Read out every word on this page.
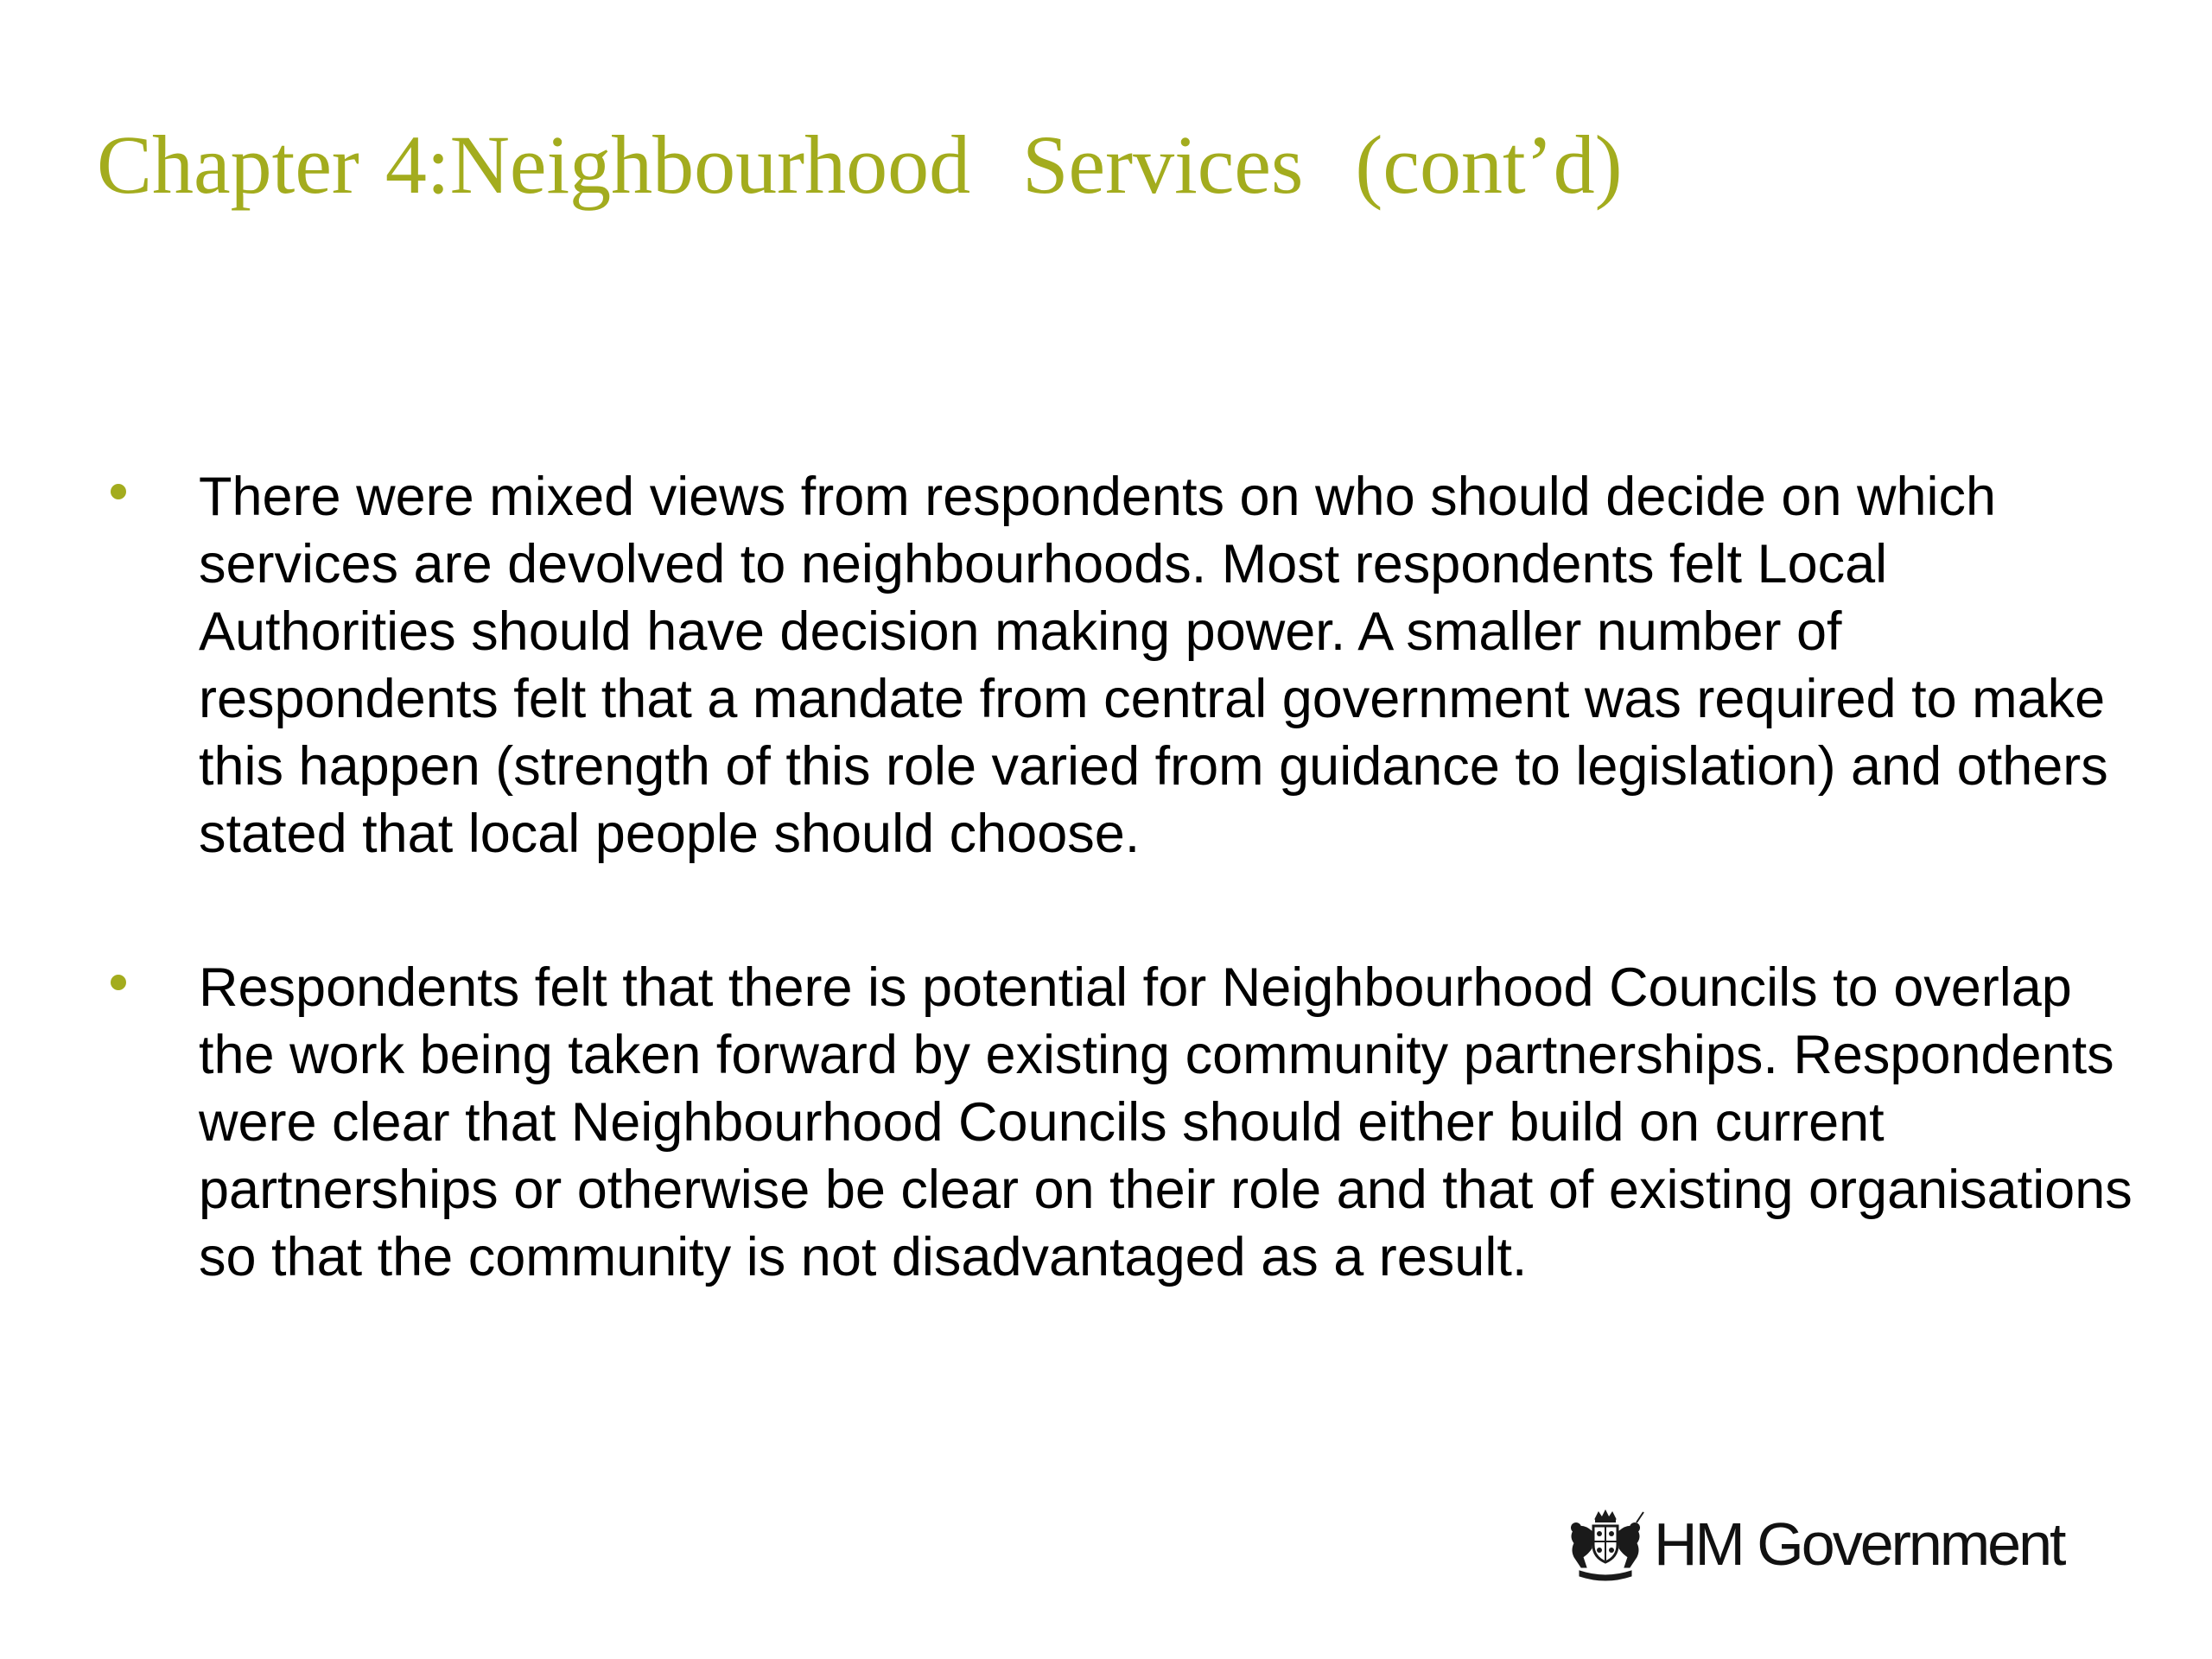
Chapter 4:Neighbourhood  Services  (cont’d)
There were mixed views from respondents on who should decide on which services are devolved to neighbourhoods. Most respondents felt Local Authorities should have decision making power. A smaller number of respondents felt that a mandate from central government was required to make this happen (strength of this role varied from guidance to legislation) and others stated that local people should choose.
Respondents felt that there is potential for Neighbourhood Councils to overlap the work being taken forward by existing community partnerships. Respondents were clear that Neighbourhood Councils should either build on current partnerships or otherwise be clear on their role and that of existing organisations so that the community is not disadvantaged as a result.
HM Government
